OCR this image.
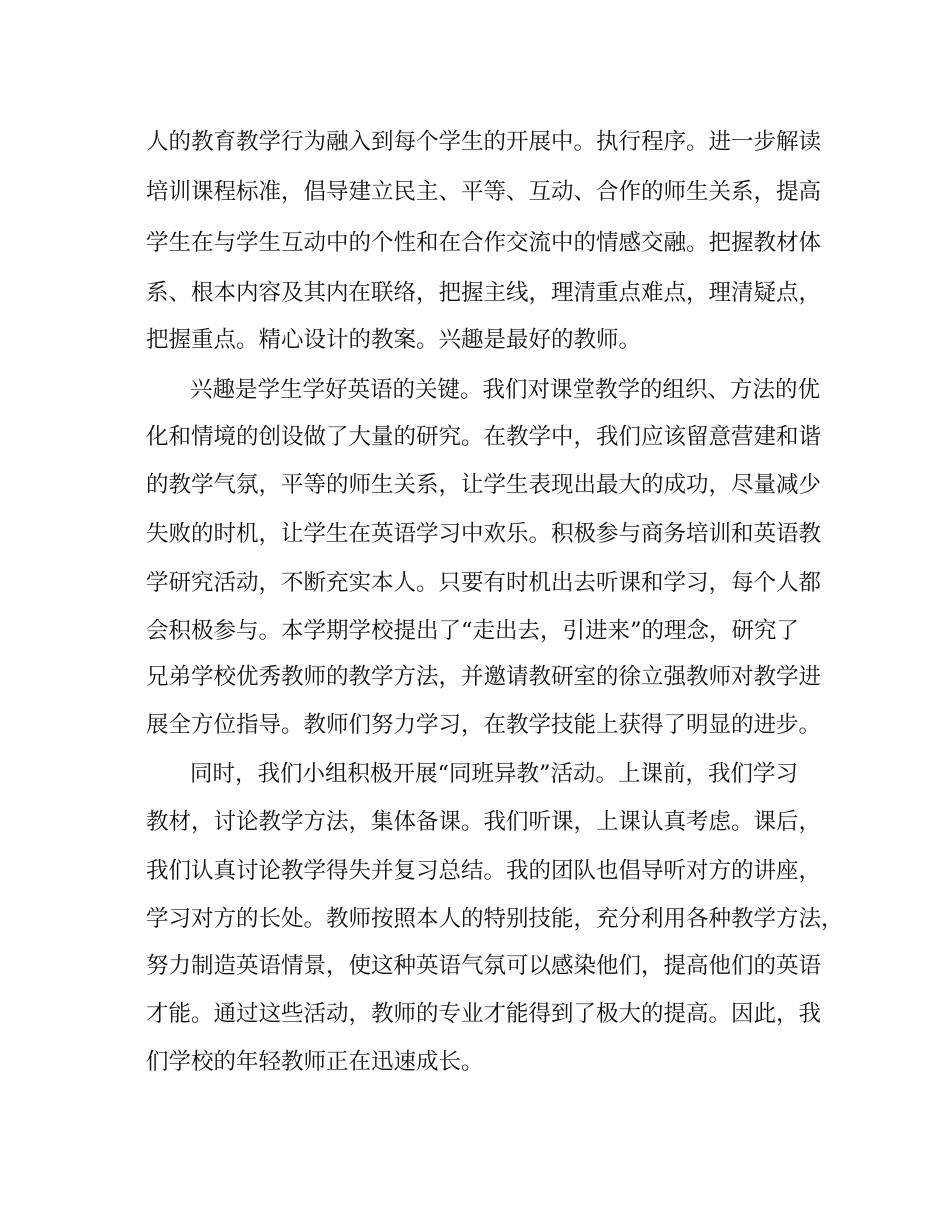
人的教育教学行为融入到每个学生的开展中。执行程序。进一步解读

培训课程标准，倡导建立民主、平等、互动、合作的师生关系，提高

学生在与学生互动中的个性和在合作交流中的情感交融。把握教材体

系、根本内容及其内在联络，把握主线，理清重点难点，理清疑点，

把握重点。精心设计的教案。兴趣是最好的教师。

兴趣是学生学好英语的关键。我们对课堂教学的组织、方法的优

化和情境的创设做了大量的研究。在教学中，我们应该留意营建和谐

的教学气氛，平等的师生关系，让学生表现出最大的成功，尽量减少

失败的时机，让学生在英语学习中欢乐。积极参与商务培训和英语教

学研究活动，不断充实本人。只要有时机出去听课和学习，每个人都

会积极参与。本学期学校提出了“走出去，引进来”的理念，研究了

兄弟学校优秀教师的教学方法，并邀请教研室的徐立强教师对教学进

展全方位指导。教师们努力学习，在教学技能上获得了明显的进步。

同时，我们小组积极开展“同班异教”活动。上课前，我们学习

教材，讨论教学方法，集体备课。我们听课，上课认真考虑。课后，

我们认真讨论教学得失并复习总结。我的团队也倡导听对方的讲座，

学习对方的长处。教师按照本人的特别技能，充分利用各种教学方法，

努力制造英语情景，使这种英语气氛可以感染他们，提高他们的英语

才能。通过这些活动，教师的专业才能得到了极大的提高。因此，我

们学校的年轻教师正在迅速成长。
